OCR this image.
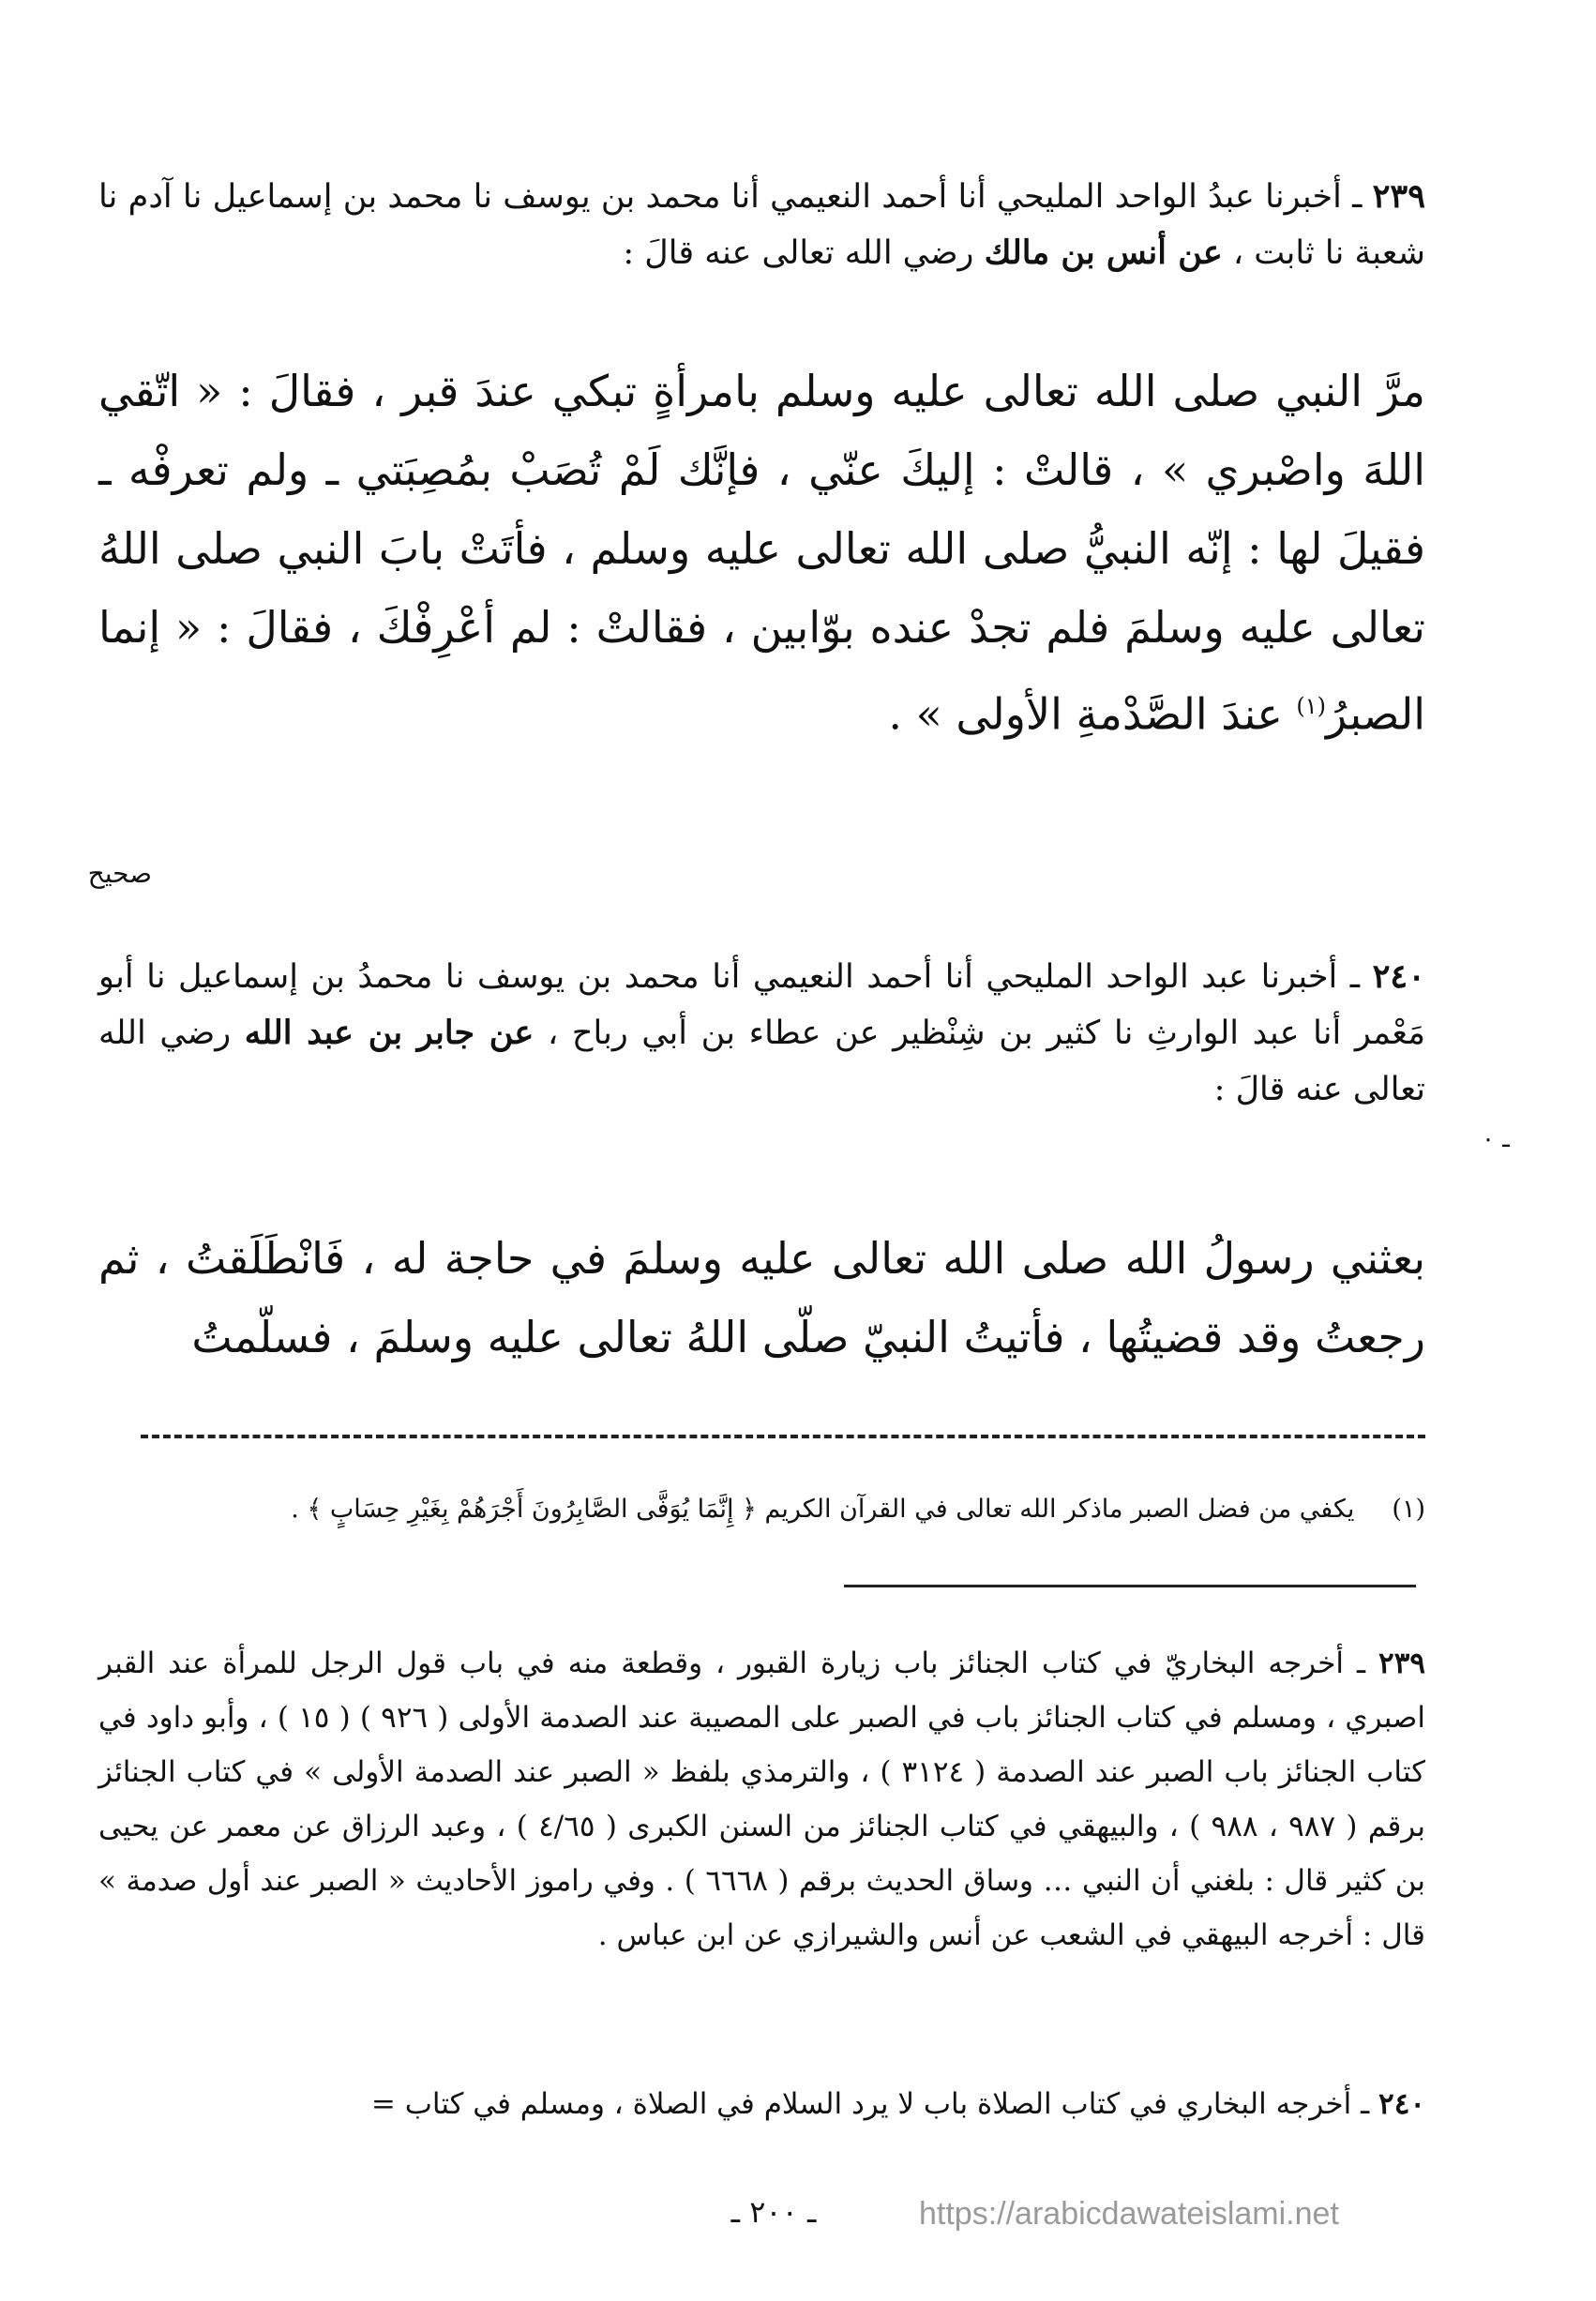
٢٣٩ ـ أخبرنا عبدُ الواحد المليحي أنا أحمد النعيمي أنا محمد بن يوسف نا محمد بن إسماعيل نا آدم نا شعبة نا ثابت ، عن أنس بن مالك رضي الله تعالى عنه قالَ :
مرَّ النبي صلى الله تعالى عليه وسلم بامرأةٍ تبكي عندَ قبر ، فقالَ : « اتّقي اللهَ واصْبري » ، قالتْ : إليكَ عنّي ، فإنَّك لَمْ تُصَبْ بمُصِبَتي ـ ولم تعرفْه ـ فقيلَ لها : إنّه النبيُّ صلى الله تعالى عليه وسلم ، فأتَتْ بابَ النبي صلى اللهُ تعالى عليه وسلمَ فلم تجدْ عنده بوّابين ، فقالتْ : لم أعْرِفْكَ ، فقالَ : « إنما الصبرُ$^{(١)}$ عندَ الصَّدْمةِ الأولى » .
صحيح
٢٤٠ ـ أخبرنا عبد الواحد المليحي أنا أحمد النعيمي أنا محمد بن يوسف نا محمدُ بن إسماعيل نا أبو مَعْمر أنا عبد الوارثِ نا كثير بن شِنْظير عن عطاء بن أبي رباح ، عن جابر بن عبد الله رضي الله تعالى عنه قالَ :
ـ ٠
بعثني رسولُ الله صلى الله تعالى عليه وسلمَ في حاجة له ، فَانْطَلَقتُ ، ثم رجعتُ وقد قضيتُها ، فأتيتُ النبيّ صلّى اللهُ تعالى عليه وسلمَ ، فسلّمتُ
(١)يكفي من فضل الصبر ماذكر الله تعالى في القرآن الكريم ﴿ إِنَّمَا يُوَفَّى الصَّابِرُونَ أَجْرَهُمْ بِغَيْرِ حِسَابٍ ﴾ .
٢٣٩ ـ أخرجه البخاريّ في كتاب الجنائز باب زيارة القبور ، وقطعة منه في باب قول الرجل للمرأة عند القبر اصبري ، ومسلم في كتاب الجنائز باب في الصبر على المصيبة عند الصدمة الأولى ( ٩٢٦ ) ( ١٥ ) ، وأبو داود في كتاب الجنائز باب الصبر عند الصدمة ( ٣١٢٤ ) ، والترمذي بلفظ « الصبر عند الصدمة الأولى » في كتاب الجنائز برقم ( ٩٨٧ ، ٩٨٨ ) ، والبيهقي في كتاب الجنائز من السنن الكبرى ( ٤/٦٥ ) ، وعبد الرزاق عن معمر عن يحيى بن كثير قال : بلغني أن النبي … وساق الحديث برقم ( ٦٦٦٨ ) . وفي راموز الأحاديث « الصبر عند أول صدمة » قال : أخرجه البيهقي في الشعب عن أنس والشيرازي عن ابن عباس .
٢٤٠ ـ أخرجه البخاري في كتاب الصلاة باب لا يرد السلام في الصلاة ، ومسلم في كتاب =
ـ ٢٠٠ ـ	https://arabicdawateislami.net
